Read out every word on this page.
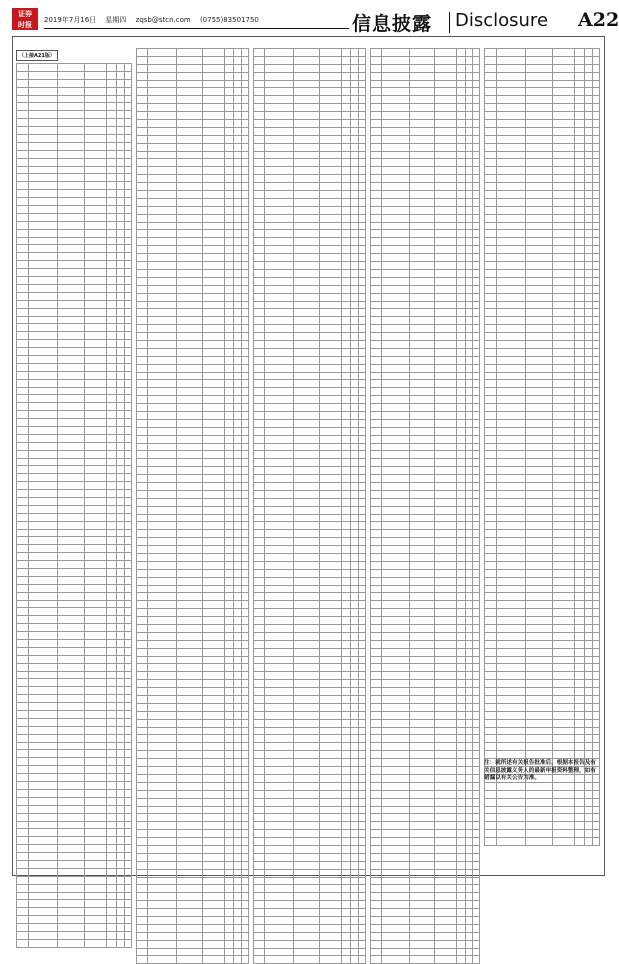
证券
时报	2019年7月16日 星期四 zqsb@stcn.com (0755)83501750	信息披露 Disclosure A22
（上接A21版）

注：就所述有关报告批准后，根据本报告及有关信息披露义务人的最新申报资料整理，如有错漏以有关公告为准。
